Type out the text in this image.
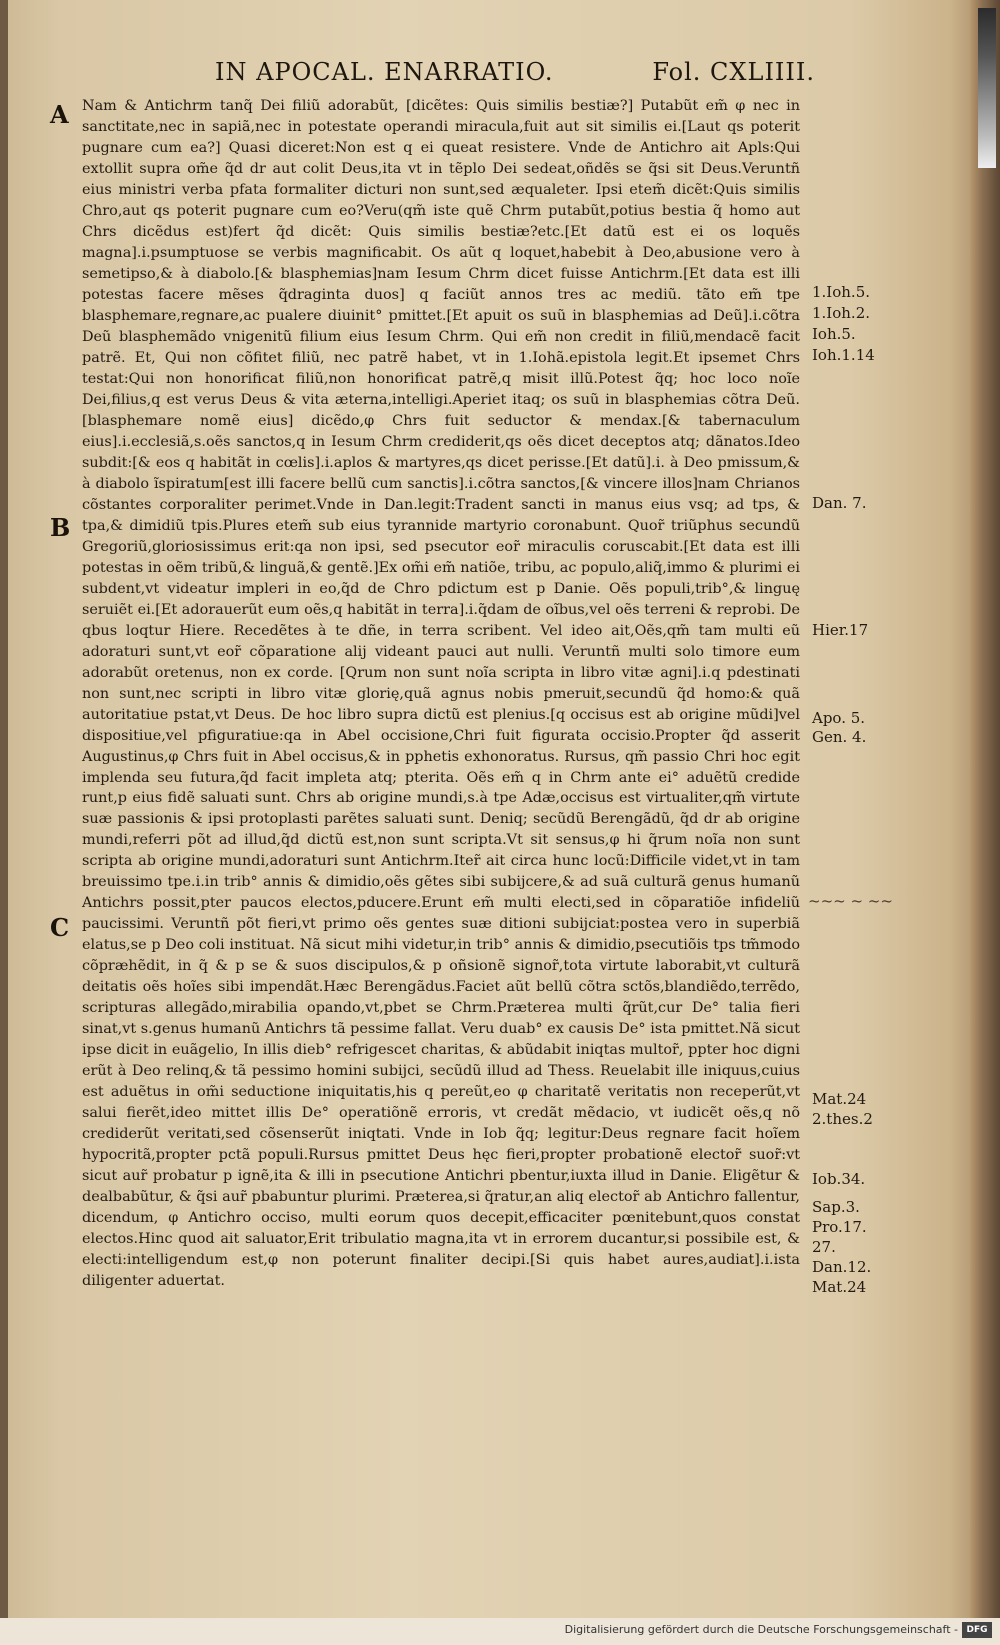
IN APOCAL. ENARRATIO.	Fol. CXLIIII.
A
B
C

Nam & Antichrm tanq̃ Dei filiũ adorabũt, [dicẽtes: Quis similis bestiæ?] Putabũt em̃ φ nec in sanctitate,nec in sapiã,nec in potestate operandi miracula,fuit aut sit similis ei.[Laut qs poterit pugnare cum ea?] Quasi diceret:Non est q ei queat resistere. Vnde de Antichro ait Apls:Qui extollit supra om̃e q̃d dr aut colit Deus,ita vt in tẽplo Dei sedeat,oñdẽs se q̃si sit Deus.Veruntñ eius ministri verba pfata formaliter dicturi non sunt,sed æqualeter. Ipsi etem̃ dicẽt:Quis similis Chro,aut qs poterit pugnare cum eo?Veru(qm̃ iste quẽ Chrm putabũt,potius bestia q̃ homo aut Chrs dicẽdus est)fert q̃d dicẽt: Quis similis bestiæ?etc.[Et datũ est ei os loquẽs magna].i.psumptuose se verbis magnificabit. Os aũt q loquet,habebit à Deo,abusione vero à semetipso,& à diabolo.[& blasphemias]nam Iesum Chrm dicet fuisse Antichrm.[Et data est illi potestas facere mẽses q̃draginta duos] q faciũt annos tres ac mediũ. tãto em̃ tpe blasphemare,regnare,ac pualere diuinit° pmittet.[Et apuit os suũ in blasphemias ad Deũ].i.cõtra Deũ blasphemãdo vnigenitũ filium eius Iesum Chrm. Qui em̃ non credit in filiũ,mendacẽ facit patrẽ. Et, Qui non cõfitet filiũ, nec patrẽ habet, vt in 1.Iohã.epistola legit.Et ipsemet Chrs testat:Qui non honorificat filiũ,non honorificat patrẽ,q misit illũ.Potest q̃q; hoc loco noĩe Dei,filius,q est verus Deus & vita æterna,intelligi.Aperiet itaq; os suũ in blasphemias cõtra Deũ.[blasphemare nomẽ eius] dicẽdo,φ Chrs fuit seductor & mendax.[& tabernaculum eius].i.ecclesiã,s.oẽs sanctos,q in Iesum Chrm crediderit,qs oẽs dicet deceptos atq; dãnatos.Ideo subdit:[& eos q habitãt in cœlis].i.aplos & martyres,qs dicet perisse.[Et datũ].i. à Deo pmissum,& à diabolo ĩspiratum[est illi facere bellũ cum sanctis].i.cõtra sanctos,[& vincere illos]nam Chrianos cõstantes corporaliter perimet.Vnde in Dan.legit:Tradent sancti in manus eius vsq; ad tps, & tpa,& dimidiũ tpis.Plures etem̃ sub eius tyrannide martyrio coronabunt. Quor̃ triũphus secundũ Gregoriũ,gloriosissimus erit:qa non ipsi, sed psecutor eor̃ miraculis coruscabit.[Et data est illi potestas in oẽm tribũ,& linguã,& gentẽ.]Ex om̃i em̃ natiõe, tribu, ac populo,aliq̃,immo & plurimi ei subdent,vt videatur impleri in eo,q̃d de Chro pdictum est p Danie. Oẽs populi,trib°,& linguę seruiẽt ei.[Et adorauerũt eum oẽs,q habitãt in terra].i.q̃dam de oĩbus,vel oẽs terreni & reprobi. De qbus loqtur Hiere. Recedẽtes à te dñe, in terra scribent. Vel ideo ait,Oẽs,qm̃ tam multi eũ adoraturi sunt,vt eor̃ cõparatione alij videant pauci aut nulli. Veruntñ multi solo timore eum adorabũt oretenus, non ex corde. [Qrum non sunt noĩa scripta in libro vitæ agni].i.q pdestinati non sunt,nec scripti in libro vitæ glorię,quã agnus nobis pmeruit,secundũ q̃d homo:& quã autoritatiue pstat,vt Deus. De hoc libro supra dictũ est plenius.[q occisus est ab origine mũdi]vel dispositiue,vel pfiguratiue:qa in Abel occisione,Chri fuit figurata occisio.Propter q̃d asserit Augustinus,φ Chrs fuit in Abel occisus,& in pphetis exhonoratus. Rursus, qm̃ passio Chri hoc egit implenda seu futura,q̃d facit impleta atq; pterita. Oẽs em̃ q in Chrm ante ei° aduẽtũ credide runt,p eius fidẽ saluati sunt. Chrs ab origine mundi,s.à tpe Adæ,occisus est virtualiter,qm̃ virtute suæ passionis & ipsi protoplasti parẽtes saluati sunt. Deniq; secũdũ Berengãdũ, q̃d dr ab origine mundi,referri põt ad illud,q̃d dictũ est,non sunt scripta.Vt sit sensus,φ hi q̃rum noĩa non sunt scripta ab origine mundi,adoraturi sunt Antichrm.Iter̃ ait circa hunc locũ:Difficile videt,vt in tam breuissimo tpe.i.in trib° annis & dimidio,oẽs gẽtes sibi subijcere,& ad suã culturã genus humanũ Antichrs possit,pter paucos electos,pducere.Erunt em̃ multi electi,sed in cõparatiõe infideliũ paucissimi. Veruntñ põt fieri,vt primo oẽs gentes suæ ditioni subijciat:postea vero in superbiã elatus,se p Deo coli instituat. Nã sicut mihi videtur,in trib° annis & dimidio,psecutiõis tps tm̃modo cõpræhẽdit, in q̃ & p se & suos discipulos,& p oñsionẽ signor̃,tota virtute laborabit,vt culturã deitatis oẽs hoĩes sibi impendãt.Hæc Berengãdus.Faciet aũt bellũ cõtra sctõs,blandiẽdo,terrẽdo, scripturas allegãdo,mirabilia opando,vt,pbet se Chrm.Præterea multi q̃rũt,cur De° talia fieri sinat,vt s.genus humanũ Antichrs tã pessime fallat. Veru duab° ex causis De° ista pmittet.Nã sicut ipse dicit in euãgelio, In illis dieb° refrigescet charitas, & abũdabit iniqtas multor̃, ppter hoc digni erũt à Deo relinq,& tã pessimo homini subijci, secũdũ illud ad Thess. Reuelabit ille iniquus,cuius est aduẽtus in om̃i seductione iniquitatis,his q pereũt,eo φ charitatẽ veritatis non receperũt,vt salui fierẽt,ideo mittet illis De° operatiõnẽ erroris, vt credãt mẽdacio, vt iudicẽt oẽs,q nõ crediderũt veritati,sed cõsenserũt iniqtati. Vnde in Iob q̃q; legitur:Deus regnare facit hoĩem hypocritã,propter pctã populi.Rursus pmittet Deus hęc fieri,propter probationẽ elector̃ suor̃:vt sicut aur̃ probatur p ignẽ,ita & illi in psecutione Antichri pbentur,iuxta illud in Danie. Eligẽtur & dealbabũtur, & q̃si aur̃ pbabuntur plurimi. Præterea,si q̃ratur,an aliq elector̃ ab Antichro fallentur, dicendum, φ Antichro occiso, multi eorum quos decepit,efficaciter pœnitebunt,quos constat electos.Hinc quod ait saluator,Erit tribulatio magna,ita vt in errorem ducantur,si possibile est, & electi:intelligendum est,φ non poterunt finaliter decipi.[Si quis habet aures,audiat].i.ista diligenter aduertat.

1.Ioh.5.
1.Ioh.2.
Ioh.5.
Ioh.1.14
Dan. 7.
Hier.17
Apo. 5.
Gen. 4.
Mat.24
2.thes.2
Iob.34.
Sap.3.
Pro.17.
27.
Dan.12.
Mat.24
~~~ ~ ~~
Digitalisierung gefördert durch die Deutsche Forschungsgemeinschaft - DFG
